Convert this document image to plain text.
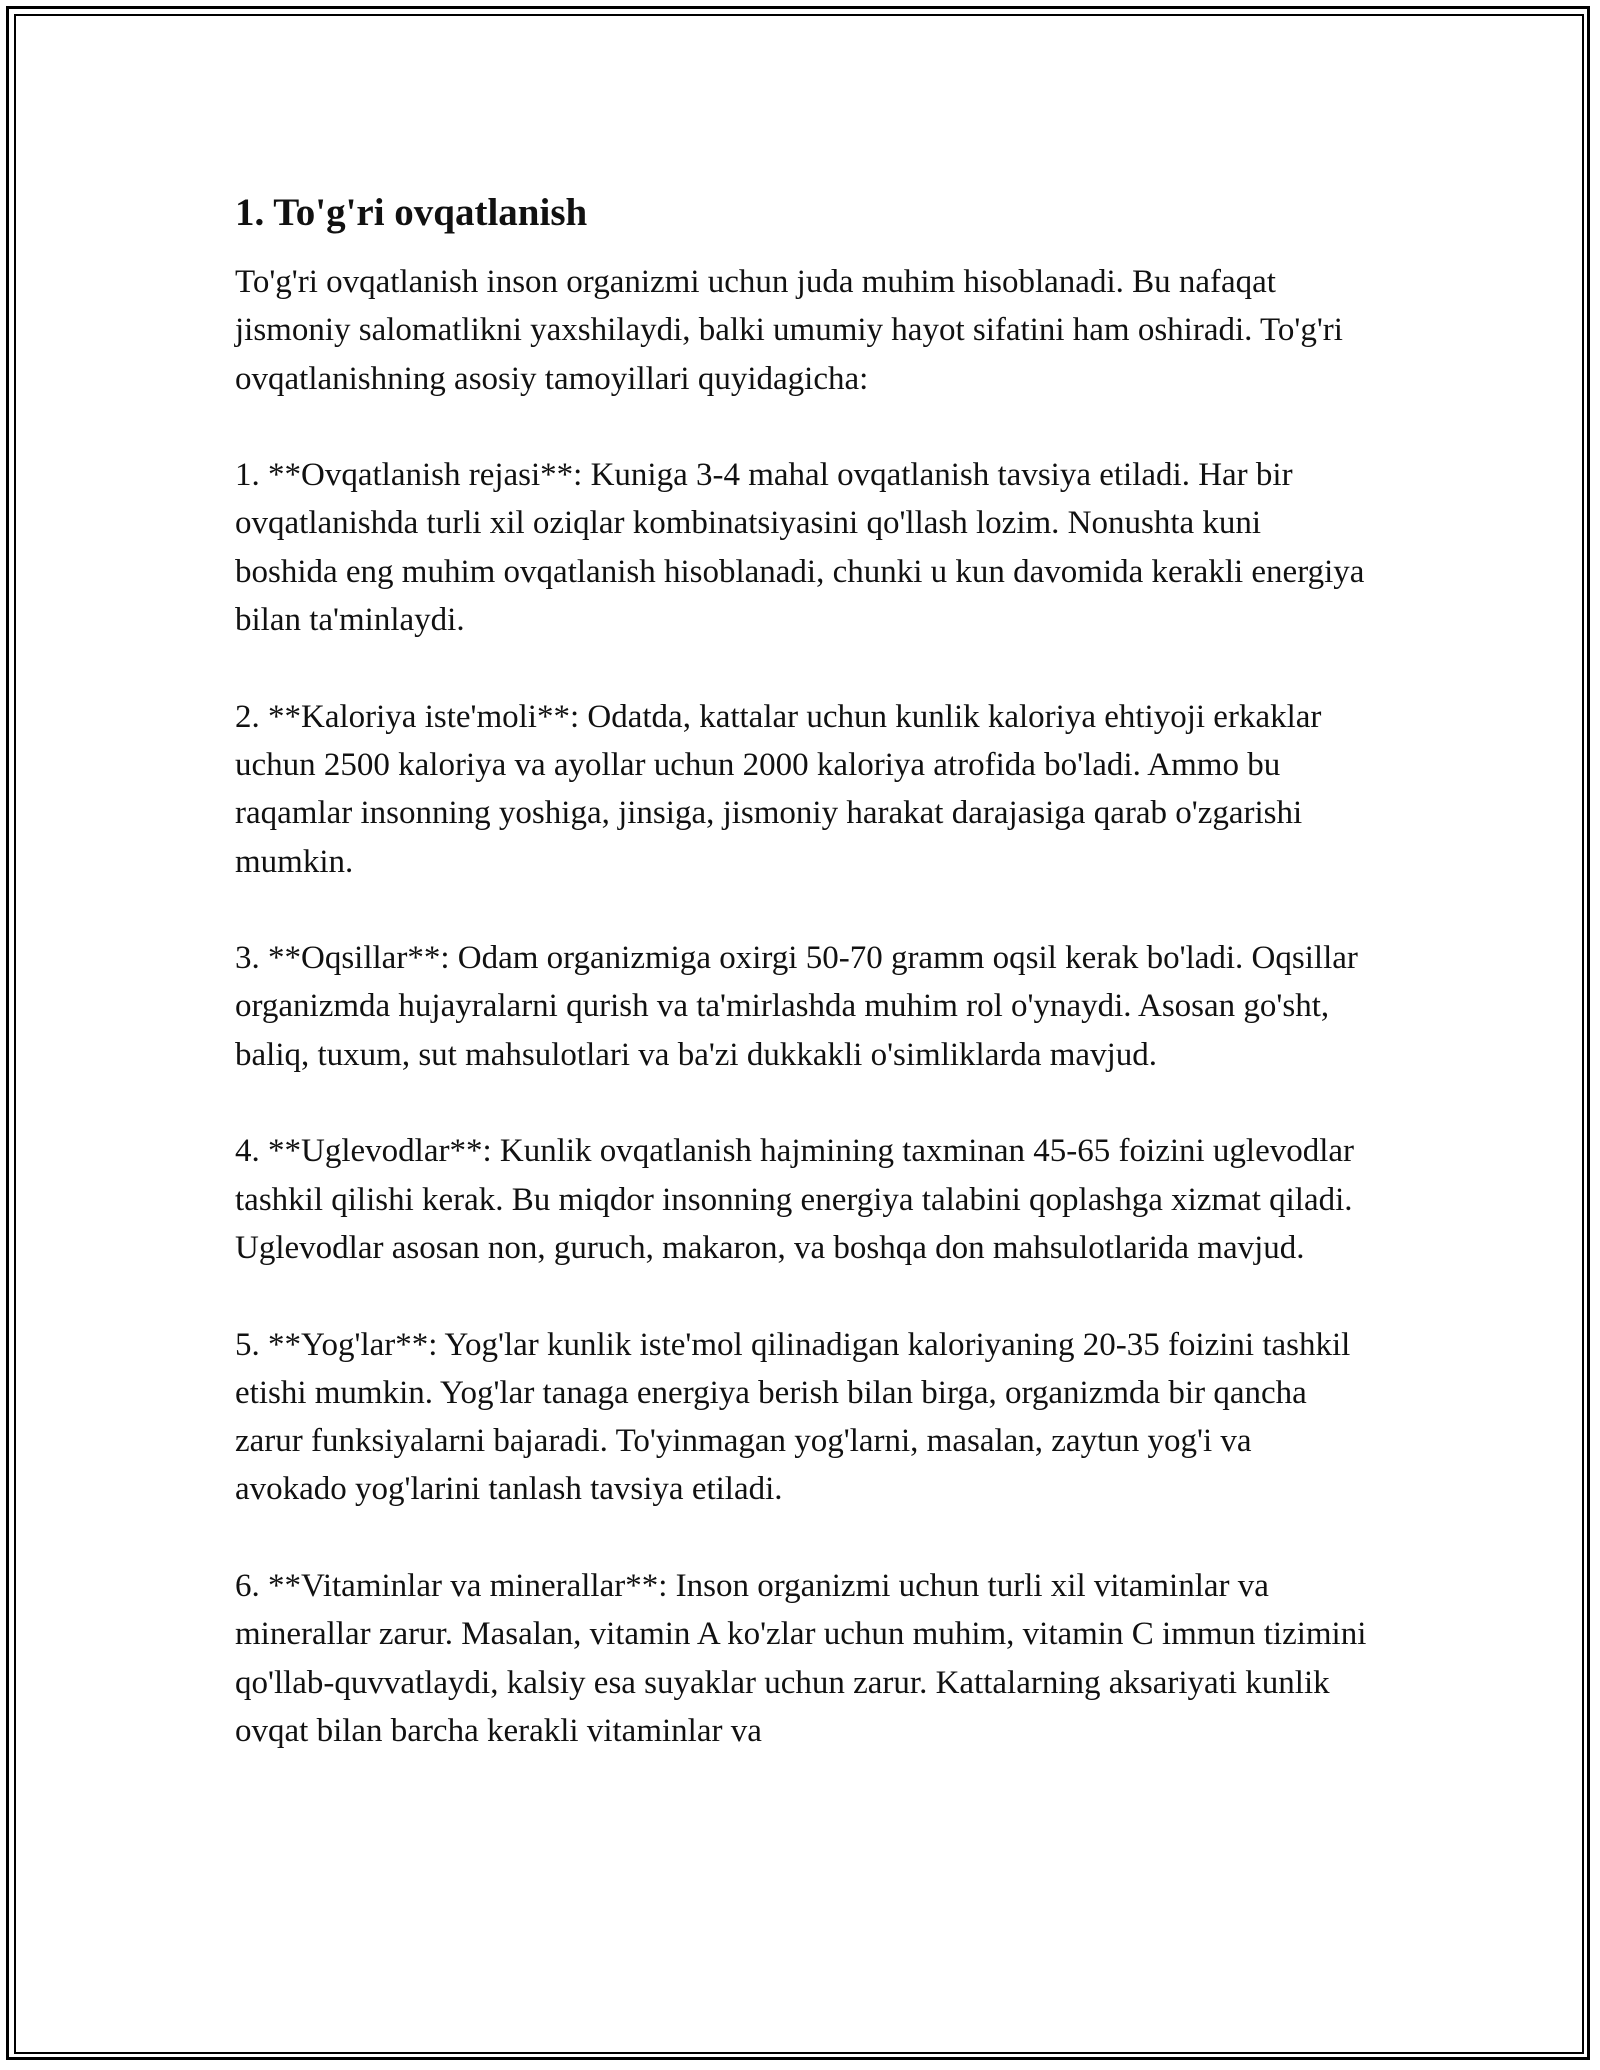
1. To'g'ri ovqatlanish

To'g'ri ovqatlanish inson organizmi uchun juda muhim hisoblanadi. Bu nafaqat jismoniy salomatlikni yaxshilaydi, balki umumiy hayot sifatini ham oshiradi. To'g'ri ovqatlanishning asosiy tamoyillari quyidagicha:

1. **Ovqatlanish rejasi**: Kuniga 3-4 mahal ovqatlanish tavsiya etiladi. Har bir ovqatlanishda turli xil oziqlar kombinatsiyasini qo'llash lozim. Nonushta kuni boshida eng muhim ovqatlanish hisoblanadi, chunki u kun davomida kerakli energiya bilan ta'minlaydi.

2. **Kaloriya iste'moli**: Odatda, kattalar uchun kunlik kaloriya ehtiyoji erkaklar uchun 2500 kaloriya va ayollar uchun 2000 kaloriya atrofida bo'ladi. Ammo bu raqamlar insonning yoshiga, jinsiga, jismoniy harakat darajasiga qarab o'zgarishi mumkin.

3. **Oqsillar**: Odam organizmiga oxirgi 50-70 gramm oqsil kerak bo'ladi. Oqsillar organizmda hujayralarni qurish va ta'mirlashda muhim rol o'ynaydi. Asosan go'sht, baliq, tuxum, sut mahsulotlari va ba'zi dukkakli o'simliklarda mavjud.

4. **Uglevodlar**: Kunlik ovqatlanish hajmining taxminan 45-65 foizini uglevodlar tashkil qilishi kerak. Bu miqdor insonning energiya talabini qoplashga xizmat qiladi. Uglevodlar asosan non, guruch, makaron, va boshqa don mahsulotlarida mavjud.

5. **Yog'lar**: Yog'lar kunlik iste'mol qilinadigan kaloriyaning 20-35 foizini tashkil etishi mumkin. Yog'lar tanaga energiya berish bilan birga, organizmda bir qancha zarur funksiyalarni bajaradi. To'yinmagan yog'larni, masalan, zaytun yog'i va avokado yog'larini tanlash tavsiya etiladi.

6. **Vitaminlar va minerallar**: Inson organizmi uchun turli xil vitaminlar va minerallar zarur. Masalan, vitamin A ko'zlar uchun muhim, vitamin C immun tizimini qo'llab-quvvatlaydi, kalsiy esa suyaklar uchun zarur. Kattalarning aksariyati kunlik ovqat bilan barcha kerakli vitaminlar va
